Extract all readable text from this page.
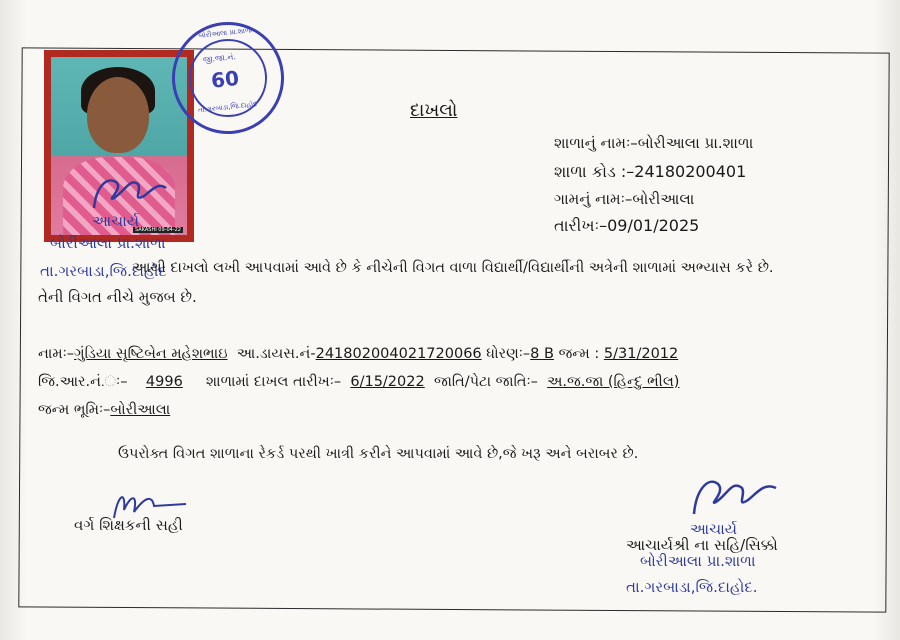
SAKASHI 09-04-22
બોરીઆલા પ્રા.શાળા
જી.જા.નં.
60
તા.ગરબાડા,જિ.દાહોદ
આચાર્ય
બોરીઆલા પ્રા.શાળા
તા.ગરબાડા,જિ.દાહોદ
દાખલો
શાળાનું નામઃ–બોરીઆલા પ્રા.શાળા
શાળા કોડ :–24180200401
ગામનું નામઃ–બોરીઆલા
તારીખઃ–09/01/2025
આથી દાખલો લખી આપવામાં આવે છે કે નીચેની વિગત વાળા વિદ્યાર્થી/વિદ્યાર્થીની અત્રેની શાળામાં અભ્યાસ કરે છે.
તેની વિગત નીચે મુજબ છે.
નામઃ–ગુંડિયા સૃષ્ટિબેન મહેશભાઇ આ.ડાયસ.નં-241802004021720066 ધોરણઃ–8 B જન્મ : 5/31/2012
જિ.આર.નં.ઃ– 4996 શાળામાં દાખલ તારીખઃ– 6/15/2022 જાતિ/પેટા જાતિઃ– અ.જ.જા (હિન્દુ ભીલ)
જન્મ ભૂમિઃ–બોરીઆલા
ઉપરોક્ત વિગત શાળાના રેકર્ડ પરથી ખાત્રી કરીને આપવામાં આવે છે,જે ખરૂ અને બરાબર છે.
વર્ગ શિક્ષકની સહી	આચાર્ય
આચાર્યશ્રી ના સહિ/સિક્કો
બોરીઆલા પ્રા.શાળા
તા.ગરબાડા,જિ.દાહોદ.
